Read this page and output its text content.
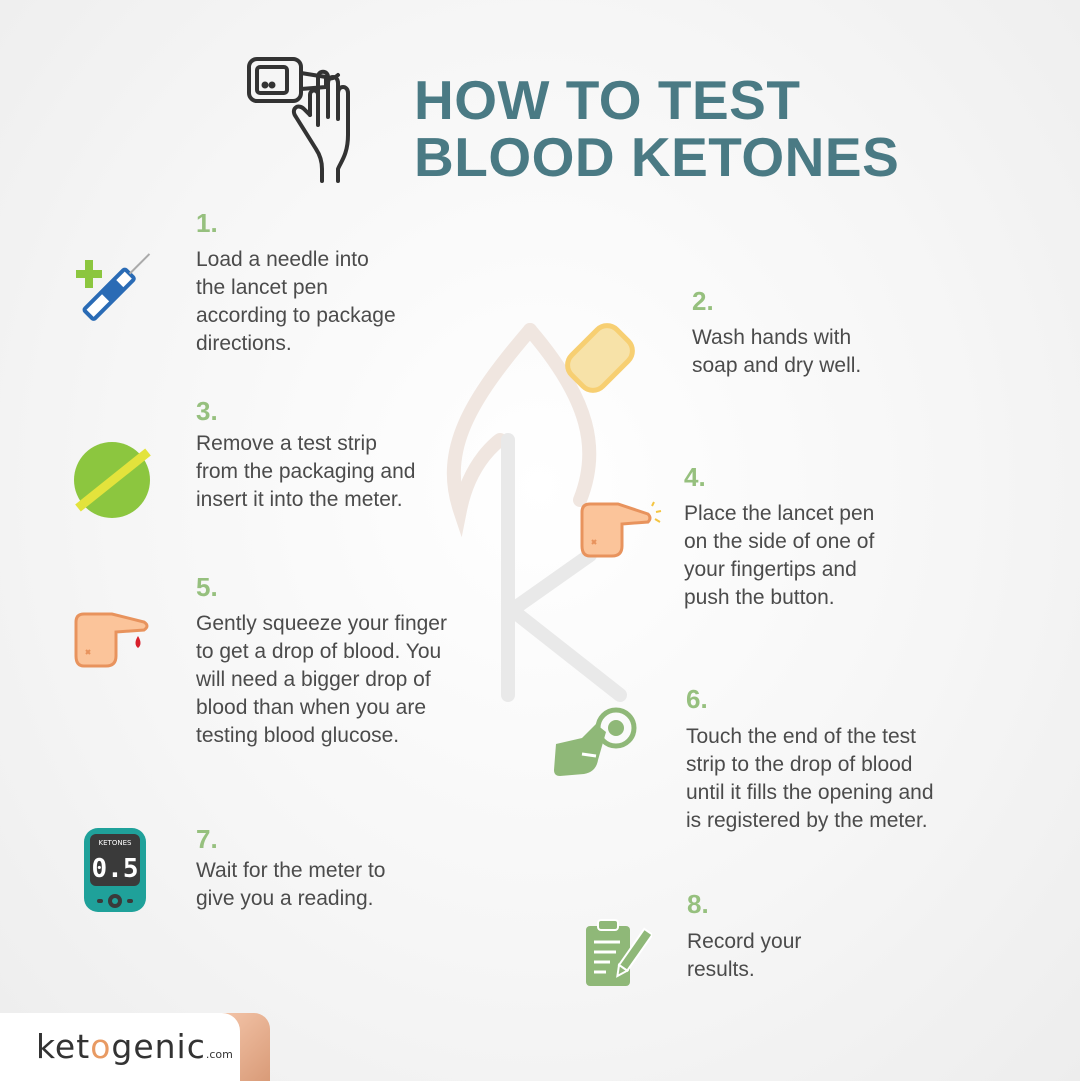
HOW TO TEST
BLOOD KETONES
1.
Load a needle into
the lancet pen
according to package
directions.
2.
Wash hands with
soap and dry well.
3.
Remove a test strip
from the packaging and
insert it into the meter.
4.
Place the lancet pen
on the side of one of
your fingertips and
push the button.
5.
Gently squeeze your finger
to get a drop of blood. You
will need a bigger drop of
blood than when you are
testing blood glucose.
6.
Touch the end of the test
strip to the drop of blood
until it fills the opening and
is registered by the meter.
KETONES
0.5
7.
Wait for the meter to
give you a reading.	8.
Record your
results.
ketogenic.com
